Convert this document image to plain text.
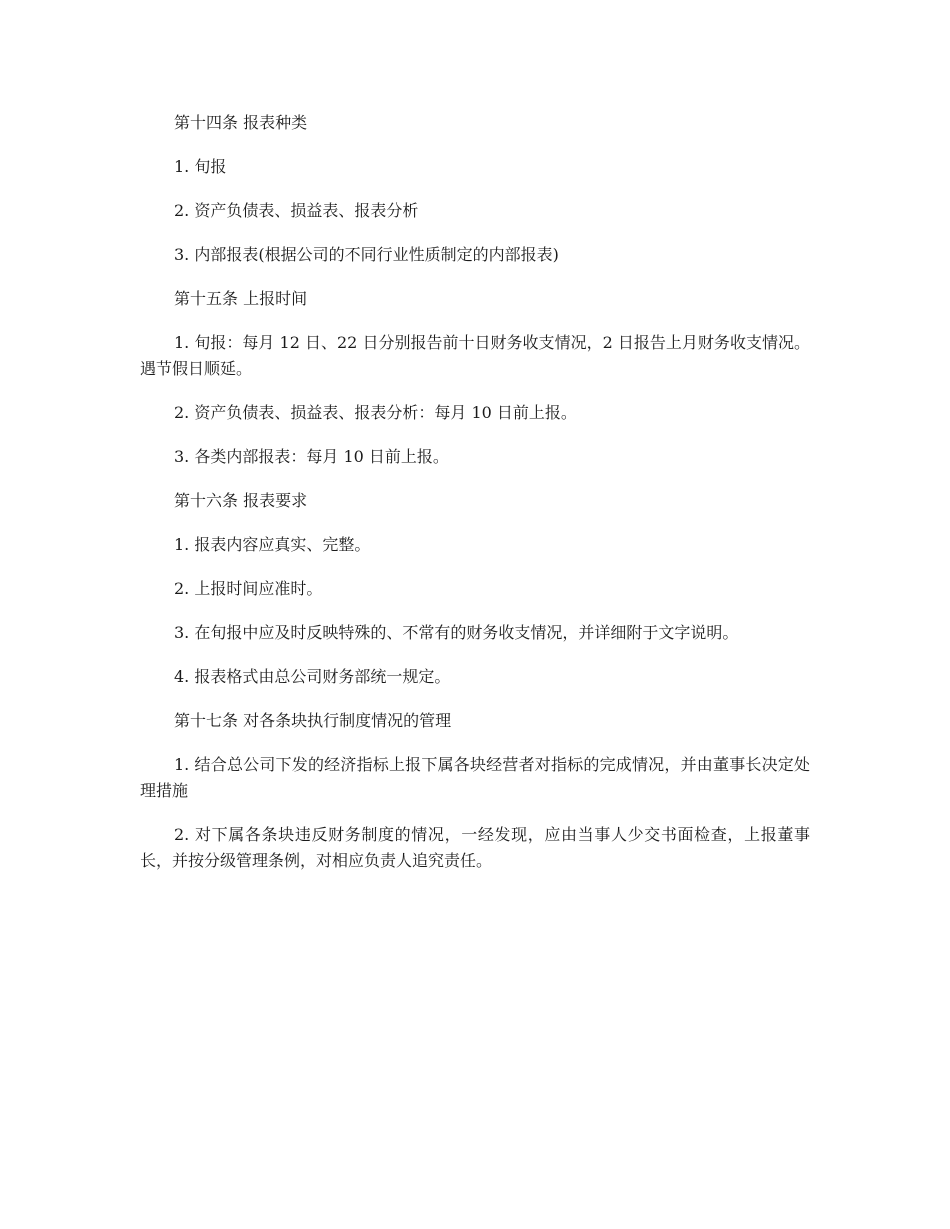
第十四条 报表种类

1. 旬报

2. 资产负债表、损益表、报表分析

3. 内部报表(根据公司的不同行业性质制定的内部报表)

第十五条 上报时间

1. 旬报：每月 12 日、22 日分别报告前十日财务收支情况，2 日报告上月财务收支情况。遇节假日顺延。

2. 资产负债表、损益表、报表分析：每月 10 日前上报。

3. 各类内部报表：每月 10 日前上报。

第十六条 报表要求

1. 报表内容应真实、完整。

2. 上报时间应准时。

3. 在旬报中应及时反映特殊的、不常有的财务收支情况，并详细附于文字说明。

4. 报表格式由总公司财务部统一规定。

第十七条 对各条块执行制度情况的管理

1. 结合总公司下发的经济指标上报下属各块经营者对指标的完成情况，并由董事长决定处理措施

2. 对下属各条块违反财务制度的情况，一经发现，应由当事人少交书面检查，上报董事长，并按分级管理条例，对相应负责人追究责任。
